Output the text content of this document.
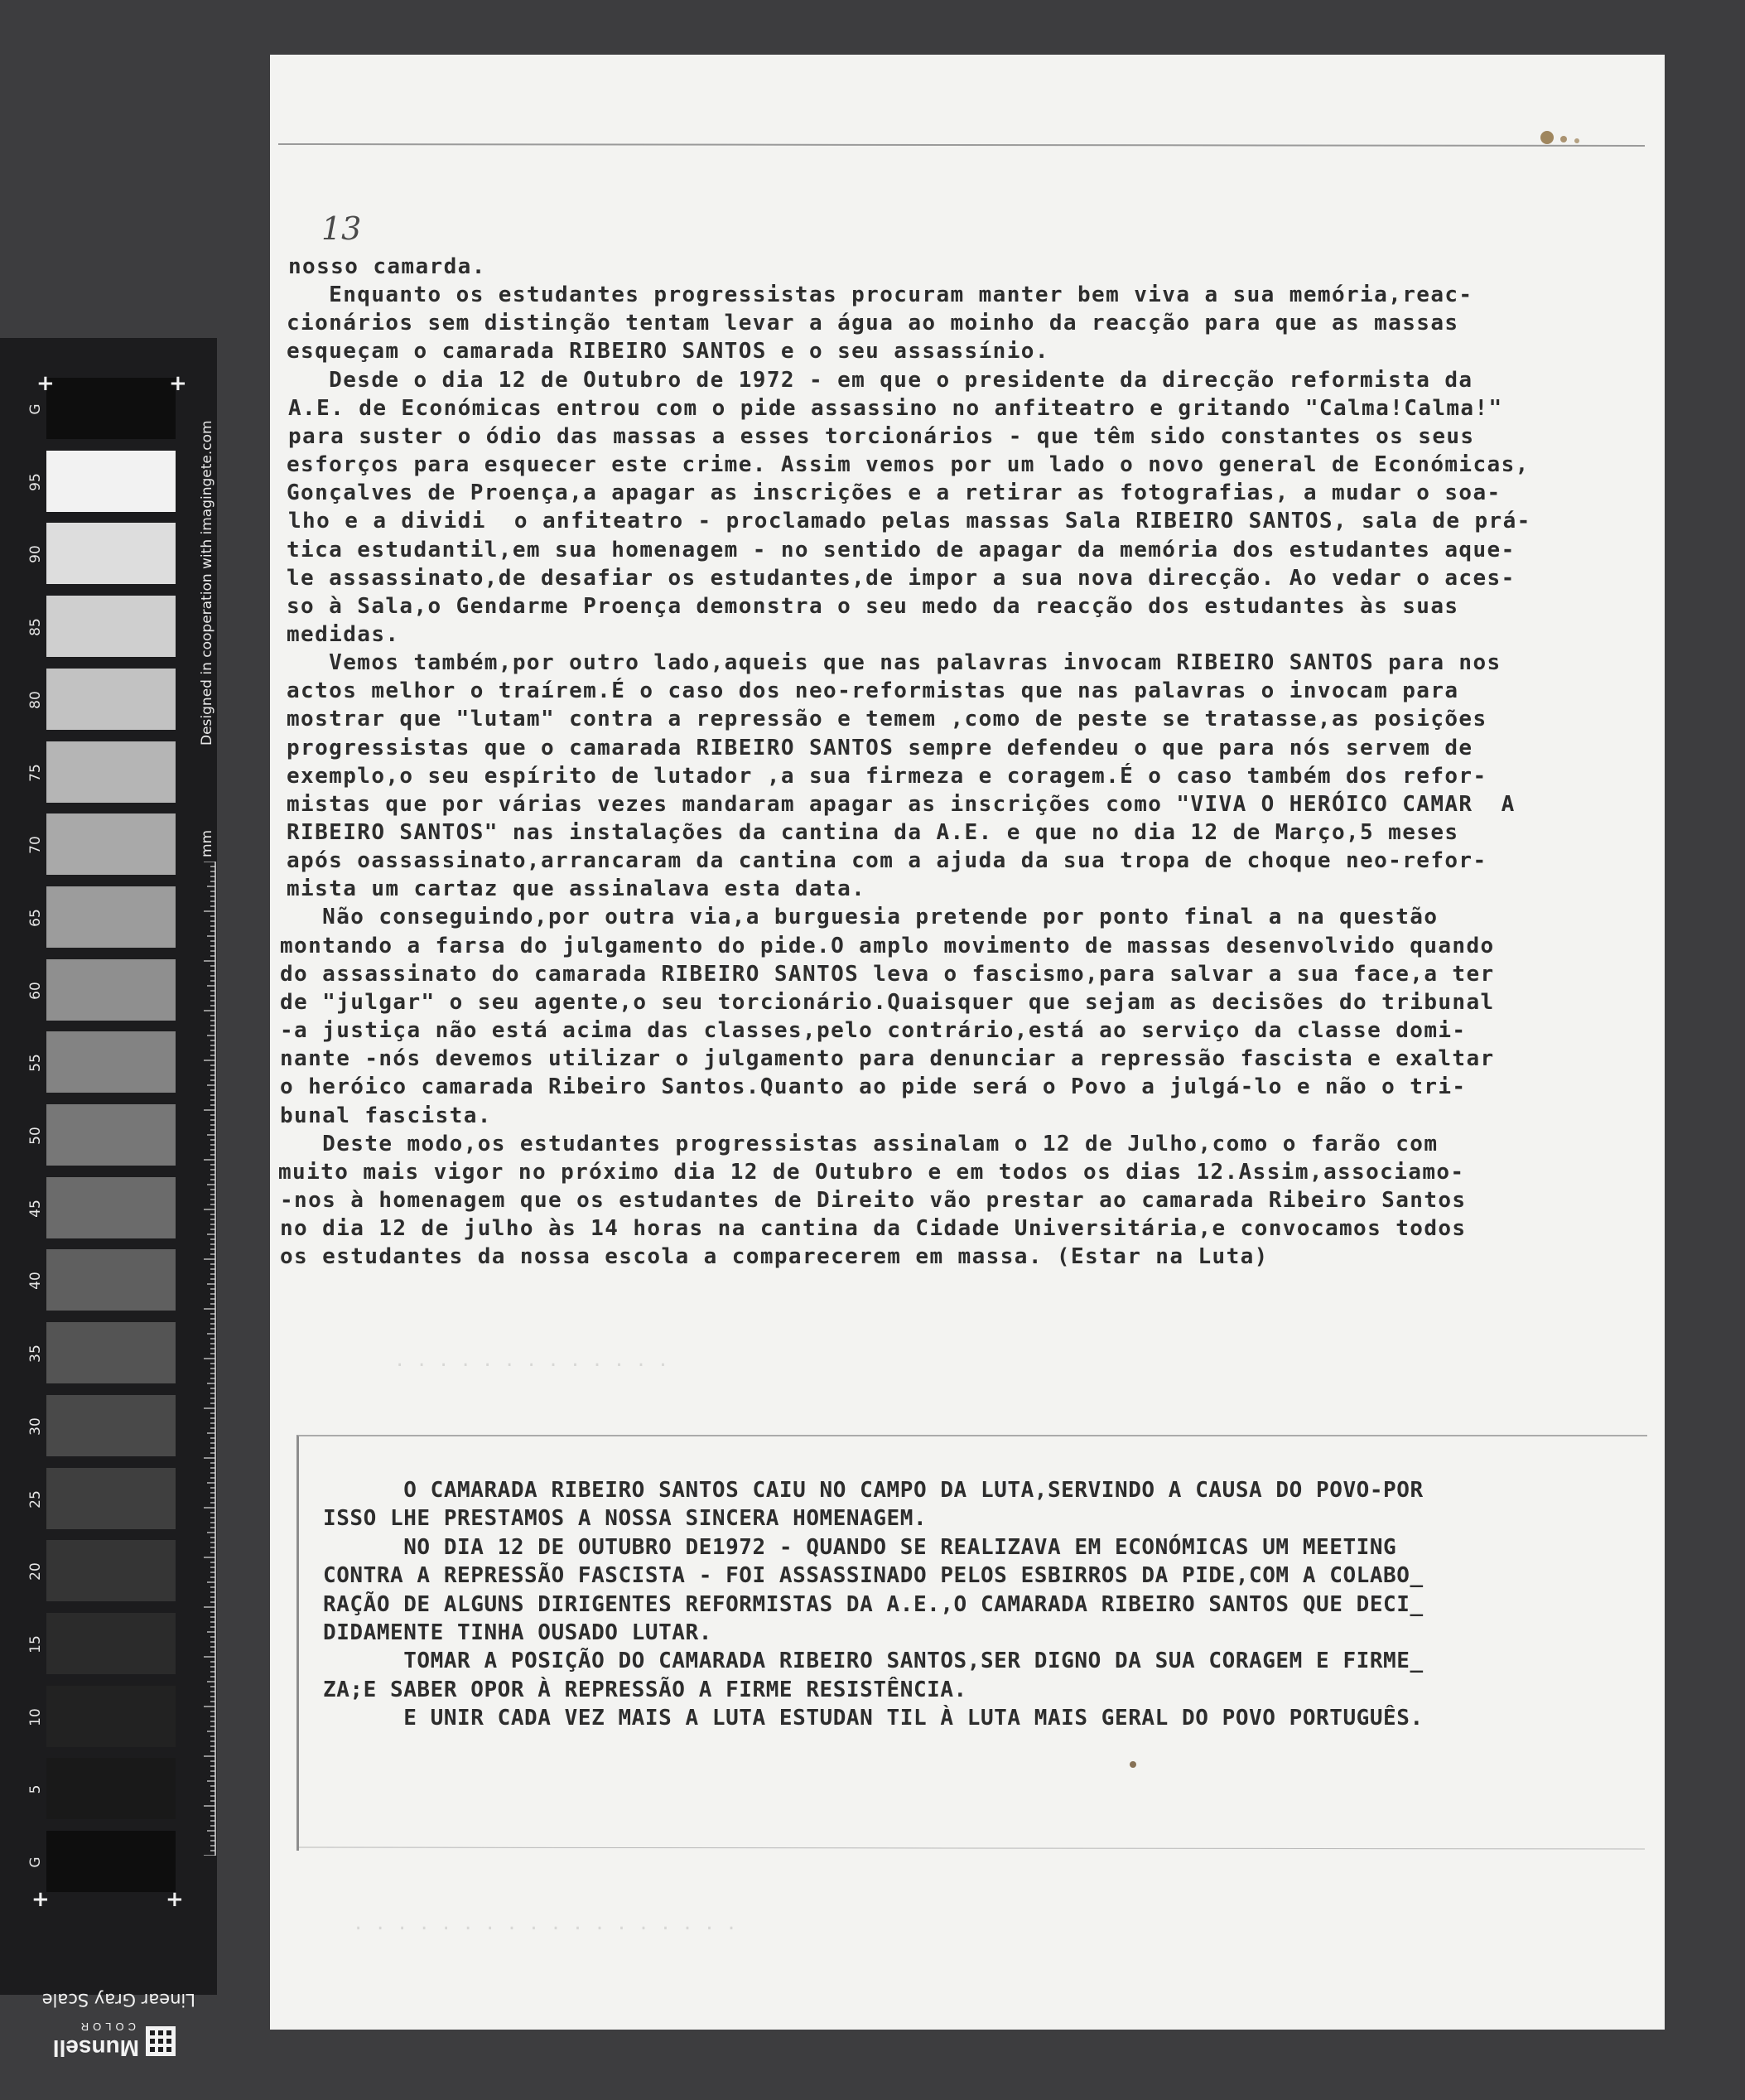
G
95
90
85
80
75
70
65
60
55
50
45
40
35
30
25
20
15
10
5
G
+	+
+	+
Designed in cooperation with imagingete.com
mm
Linear Gray Scale
Munsell
COLOR
13
nosso camarda.
Enquanto os estudantes progressistas procuram manter bem viva a sua memória,reac-
cionários sem distinção tentam levar a água ao moinho da reacção para que as massas
esqueçam o camarada RIBEIRO SANTOS e o seu assassínio.
Desde o dia 12 de Outubro de 1972 - em que o presidente da direcção reformista da
A.E. de Económicas entrou com o pide assassino no anfiteatro e gritando "Calma!Calma!"
para suster o ódio das massas a esses torcionários - que têm sido constantes os seus
esforços para esquecer este crime. Assim vemos por um lado o novo general de Económicas,
Gonçalves de Proença,a apagar as inscrições e a retirar as fotografias, a mudar o soa-
lho e a dividi  o anfiteatro - proclamado pelas massas Sala RIBEIRO SANTOS, sala de prá-
tica estudantil,em sua homenagem - no sentido de apagar da memória dos estudantes aque-
le assassinato,de desafiar os estudantes,de impor a sua nova direcção. Ao vedar o aces-
so à Sala,o Gendarme Proença demonstra o seu medo da reacção dos estudantes às suas
medidas.
Vemos também,por outro lado,aqueis que nas palavras invocam RIBEIRO SANTOS para nos
actos melhor o traírem.É o caso dos neo-reformistas que nas palavras o invocam para
mostrar que "lutam" contra a repressão e temem ,como de peste se tratasse,as posições
progressistas que o camarada RIBEIRO SANTOS sempre defendeu o que para nós servem de
exemplo,o seu espírito de lutador ,a sua firmeza e coragem.É o caso também dos refor-
mistas que por várias vezes mandaram apagar as inscrições como "VIVA O HERÓICO CAMAR  A
RIBEIRO SANTOS" nas instalações da cantina da A.E. e que no dia 12 de Março,5 meses
após oassassinato,arrancaram da cantina com a ajuda da sua tropa de choque neo-refor-
mista um cartaz que assinalava esta data.
Não conseguindo,por outra via,a burguesia pretende por ponto final a na questão
montando a farsa do julgamento do pide.O amplo movimento de massas desenvolvido quando
do assassinato do camarada RIBEIRO SANTOS leva o fascismo,para salvar a sua face,a ter
de "julgar" o seu agente,o seu torcionário.Quaisquer que sejam as decisões do tribunal
-a justiça não está acima das classes,pelo contrário,está ao serviço da classe domi-
nante -nós devemos utilizar o julgamento para denunciar a repressão fascista e exaltar
o heróico camarada Ribeiro Santos.Quanto ao pide será o Povo a julgá-lo e não o tri-
bunal fascista.
Deste modo,os estudantes progressistas assinalam o 12 de Julho,como o farão com
muito mais vigor no próximo dia 12 de Outubro e em todos os dias 12.Assim,associamo-
-nos à homenagem que os estudantes de Direito vão prestar ao camarada Ribeiro Santos
no dia 12 de julho às 14 horas na cantina da Cidade Universitária,e convocamos todos
os estudantes da nossa escola a comparecerem em massa. (Estar na Luta)
O CAMARADA RIBEIRO SANTOS CAIU NO CAMPO DA LUTA,SERVINDO A CAUSA DO POVO-POR
ISSO LHE PRESTAMOS A NOSSA SINCERA HOMENAGEM.
NO DIA 12 DE OUTUBRO DE1972 - QUANDO SE REALIZAVA EM ECONÓMICAS UM MEETING
CONTRA A REPRESSÃO FASCISTA - FOI ASSASSINADO PELOS ESBIRROS DA PIDE,COM A COLABO_
RAÇÃO DE ALGUNS DIRIGENTES REFORMISTAS DA A.E.,O CAMARADA RIBEIRO SANTOS QUE DECI_
DIDAMENTE TINHA OUSADO LUTAR.
TOMAR A POSIÇÃO DO CAMARADA RIBEIRO SANTOS,SER DIGNO DA SUA CORAGEM E FIRME_
ZA;E SABER OPOR À REPRESSÃO A FIRME RESISTÊNCIA.
E UNIR CADA VEZ MAIS A LUTA ESTUDAN TIL À LUTA MAIS GERAL DO POVO PORTUGUÊS.
· · · · · · · · · · · · ·
· · · · · · · · · · · · · · · · · ·
